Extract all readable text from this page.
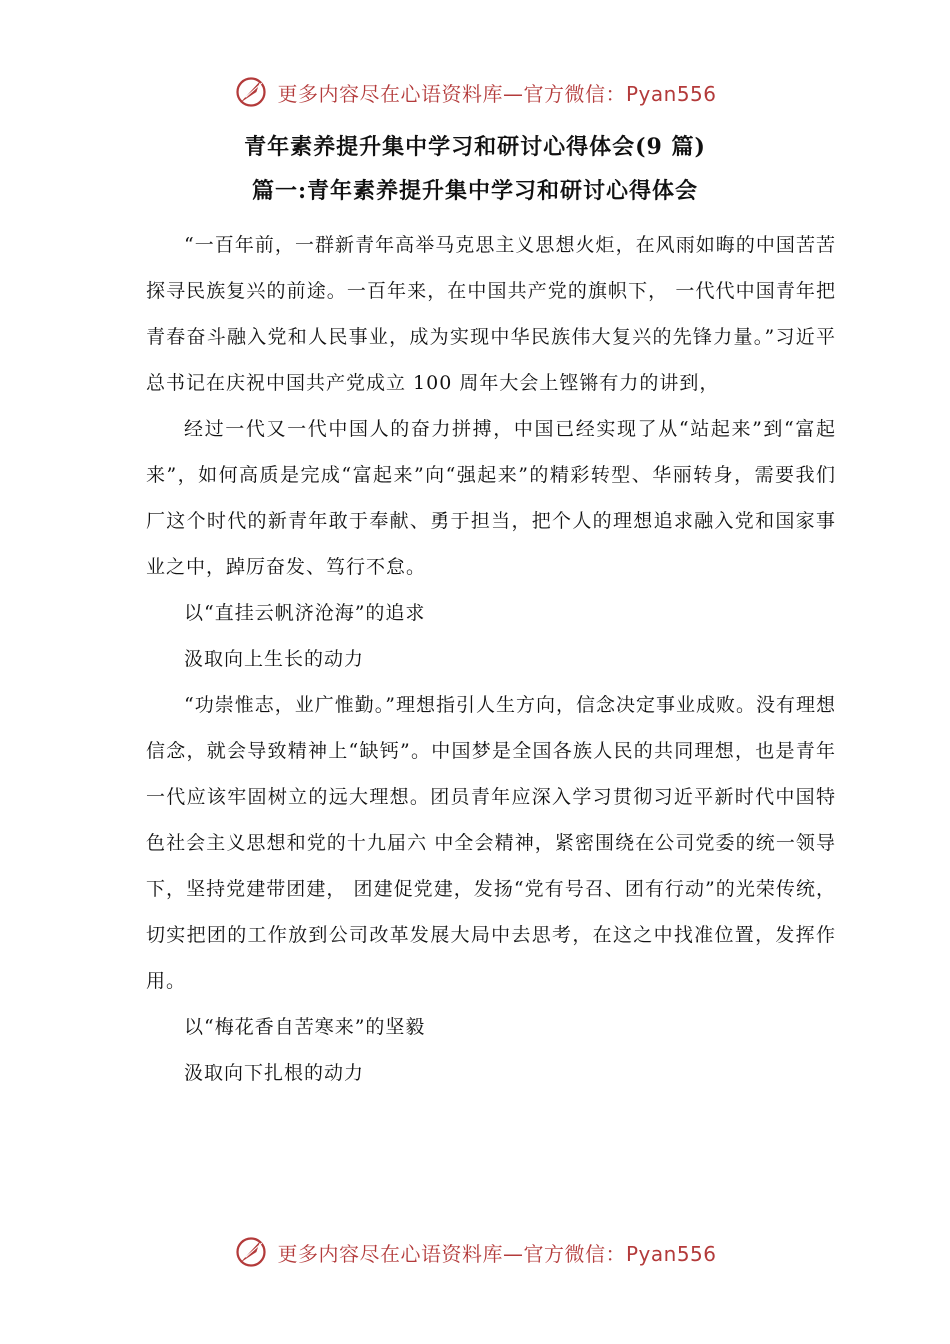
更多内容尽在心语资料库—官方微信：Pyan556
青年素养提升集中学习和研讨心得体会(9 篇)
篇一:青年素养提升集中学习和研讨心得体会

“一百年前，一群新青年高举马克思主义思想火炬，在风雨如晦的中国苦苦探寻民族复兴的前途。一百年来，在中国共产党的旗帜下， 一代代中国青年把青春奋斗融入党和人民事业，成为实现中华民族伟大复兴的先锋力量。”习近平总书记在庆祝中国共产党成立 100 周年大会上铿锵有力的讲到，

经过一代又一代中国人的奋力拼搏，中国已经实现了从“站起来”到“富起来”，如何高质是完成“富起来”向“强起来”的精彩转型、华丽转身，需要我们厂这个时代的新青年敢于奉献、勇于担当，把个人的理想追求融入党和国家事业之中，踔厉奋发、笃行不怠。

以“直挂云帆济沧海”的追求

汲取向上生长的动力

“功崇惟志，业广惟勤。”理想指引人生方向，信念决定事业成败。没有理想信念，就会导致精神上“缺钙”。中国梦是全国各族人民的共同理想，也是青年一代应该牢固树立的远大理想。团员青年应深入学习贯彻习近平新时代中国特色社会主义思想和党的十九届六 中全会精神，紧密围绕在公司党委的统一领导下，坚持党建带团建， 团建促党建，发扬“党有号召、团有行动”的光荣传统，切实把团的工作放到公司改革发展大局中去思考，在这之中找准位置，发挥作用。

以“梅花香自苦寒来”的坚毅

汲取向下扎根的动力

更多内容尽在心语资料库—官方微信：Pyan556
